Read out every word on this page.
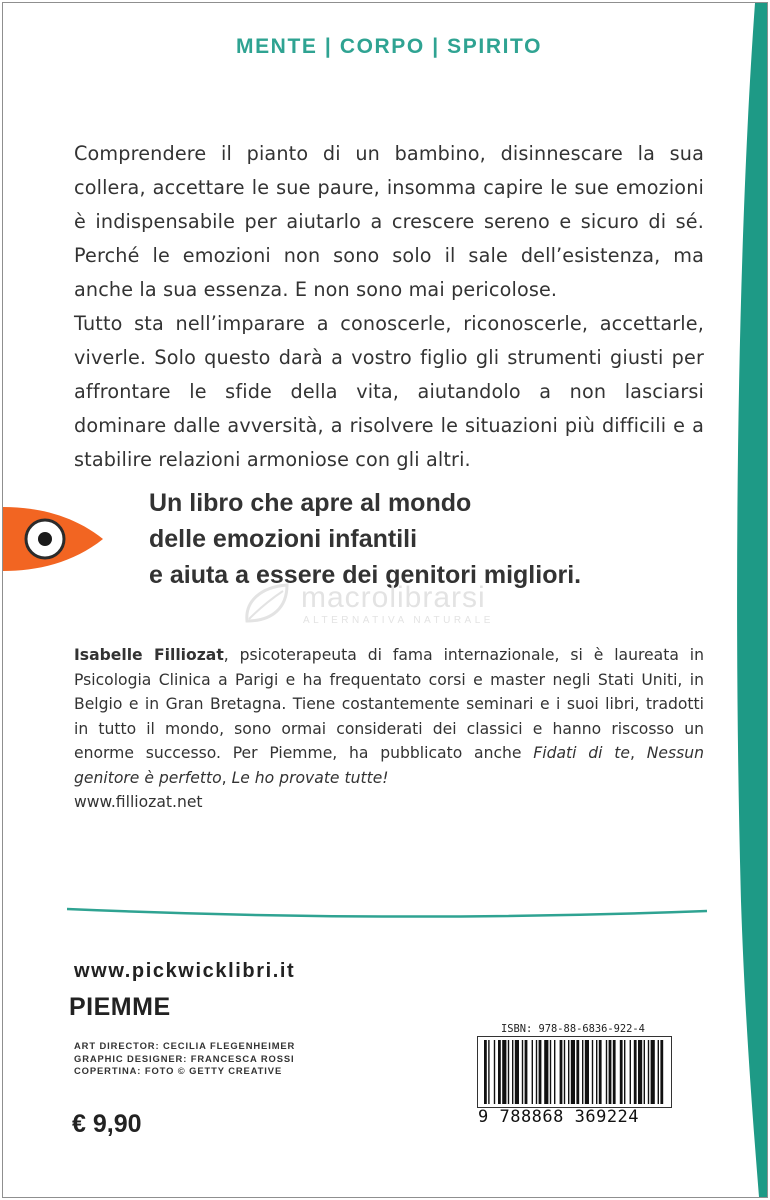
MENTE | CORPO | SPIRITO

Comprendere il pianto di un bambino, disinnescare la sua collera, accettare le sue paure, insomma capire le sue emozioni è indispensabile per aiutarlo a crescere sereno e sicuro di sé. Perché le emozioni non sono solo il sale dell’esistenza, ma anche la sua essenza. E non sono mai pericolose.

Tutto sta nell’imparare a conoscerle, riconoscerle, accettarle, viverle. Solo questo darà a vostro figlio gli strumenti giusti per affrontare le sfide della vita, aiutandolo a non lasciarsi dominare dalle avversità, a risolvere le situazioni più difficili e a stabilire relazioni armoniose con gli altri.

Un libro che apre al mondo
delle emozioni infantili
e aiuta a essere dei genitori migliori.
macrolibrarsi
ALTERNATIVA NATURALE

Isabelle Filliozat, psicoterapeuta di fama internazionale, si è laureata in Psicologia Clinica a Parigi e ha frequentato corsi e master negli Stati Uniti, in Belgio e in Gran Bretagna. Tiene costantemente seminari e i suoi libri, tradotti in tutto il mondo, sono ormai considerati dei classici e hanno riscosso un enorme successo. Per Piemme, ha pubblicato anche Fidati di te, Nessun genitore è perfetto, Le ho provate tutte!

www.filliozat.net

www.pickwicklibri.it
PIEMME
ART DIRECTOR: CECILIA FLEGENHEIMER
GRAPHIC DESIGNER: FRANCESCA ROSSI
COPERTINA: FOTO © GETTY CREATIVE
€ 9,90
ISBN: 978-88-6836-922-4
9 788868 369224
